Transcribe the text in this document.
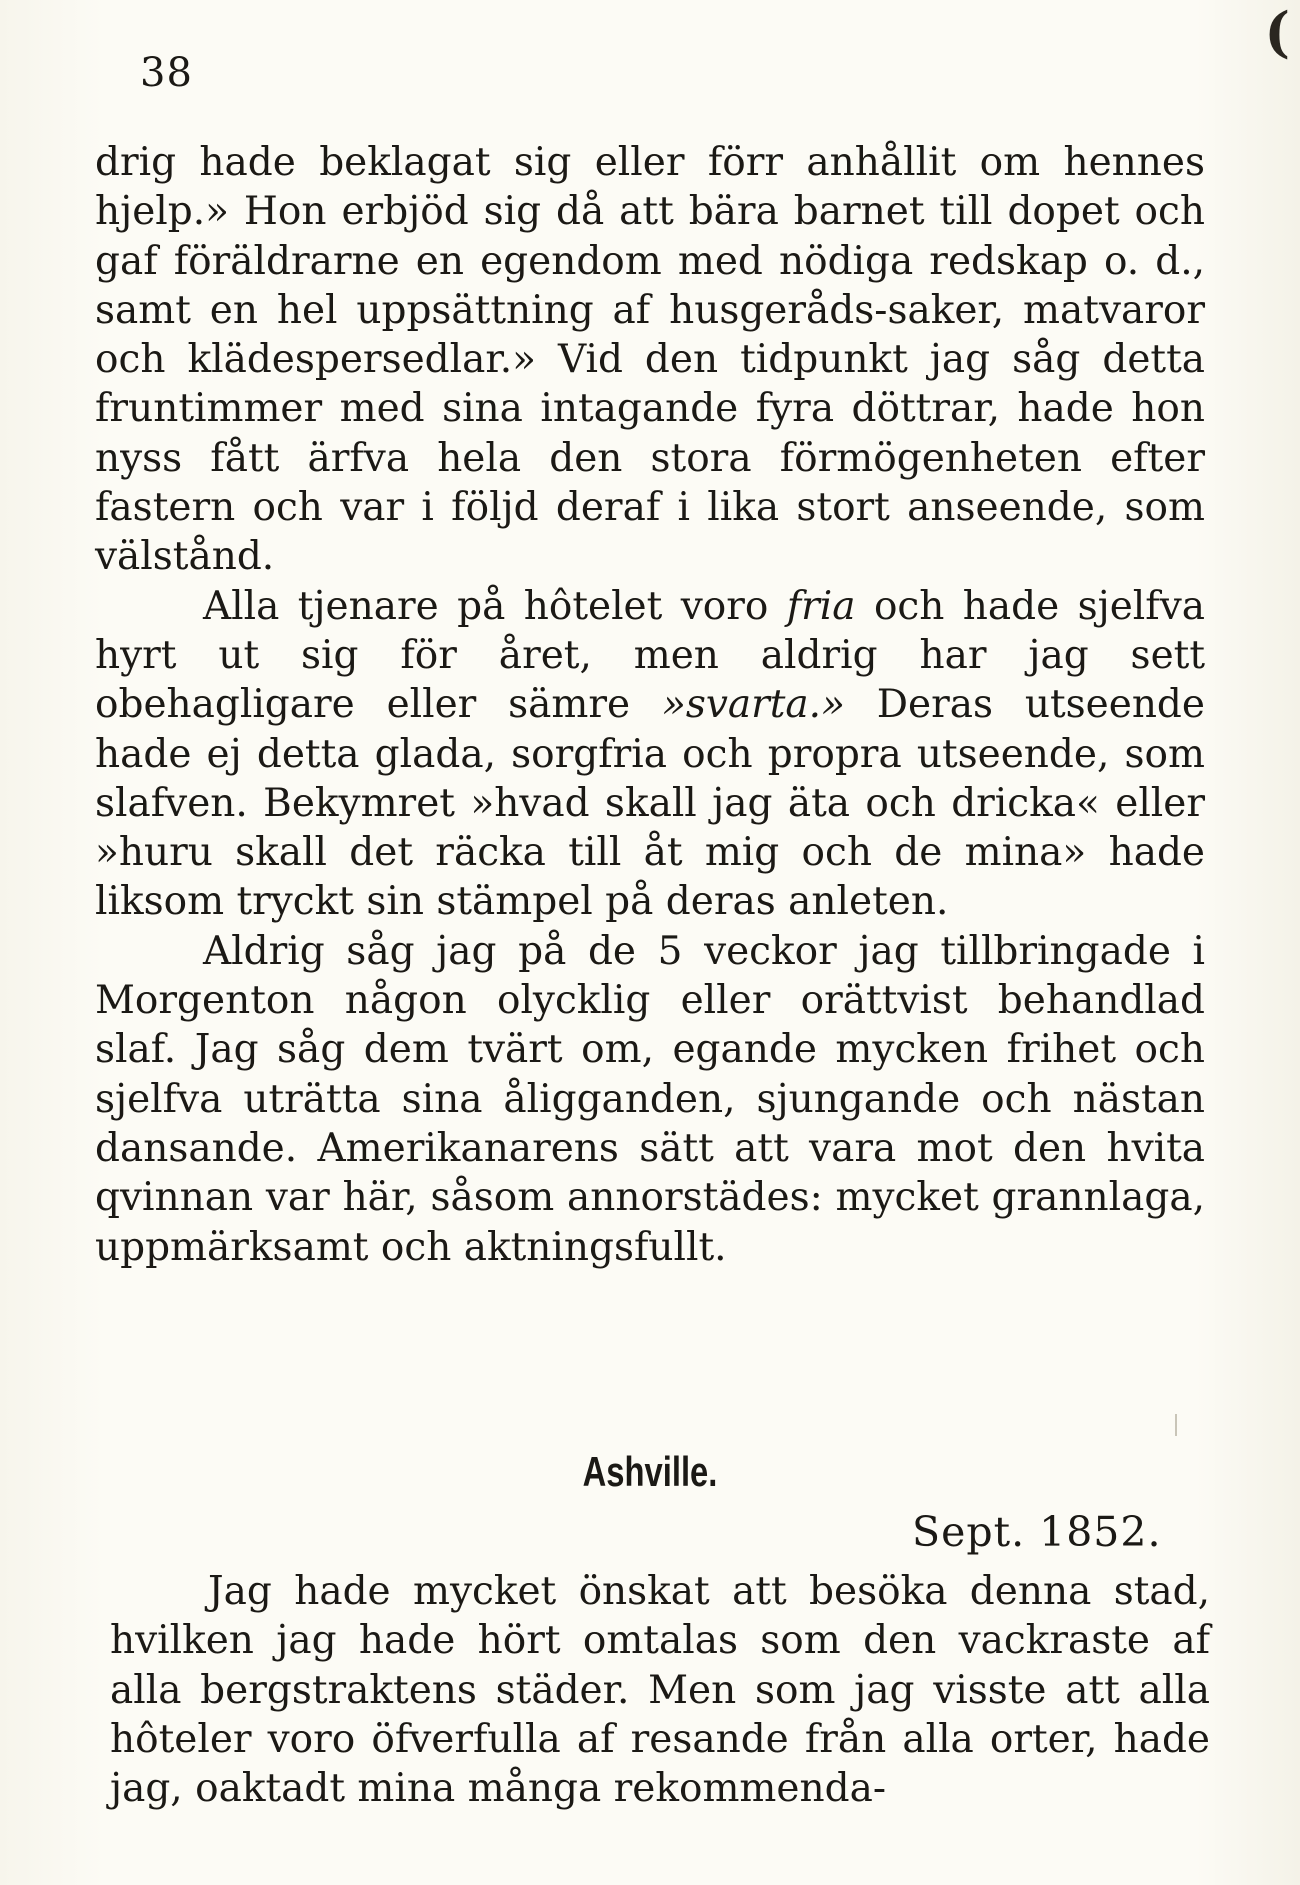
38
(

drig hade beklagat sig eller förr anhållit om hennes hjelp.» Hon erbjöd sig då att bära barnet till dopet och gaf föräldrarne en egendom med nödiga redskap o. d., samt en hel uppsättning af husgeråds-saker, matvaror och klädespersedlar.» Vid den tidpunkt jag såg detta fruntimmer med sina intagande fyra döttrar, hade hon nyss fått ärfva hela den stora förmögenheten efter fastern och var i följd deraf i lika stort anseende, som välstånd.

Alla tjenare på hôtelet voro fria och hade sjelfva hyrt ut sig för året, men aldrig har jag sett obehagligare eller sämre »svarta.» Deras utseende hade ej detta glada, sorgfria och propra utseende, som slafven. Bekymret »hvad skall jag äta och dricka« eller »huru skall det räcka till åt mig och de mina» hade liksom tryckt sin stämpel på deras anleten.

Aldrig såg jag på de 5 veckor jag tillbringade i Morgenton någon olycklig eller orättvist behandlad slaf. Jag såg dem tvärt om, egande mycken frihet och sjelfva uträtta sina åligganden, sjungande och nästan dansande. Amerikanarens sätt att vara mot den hvita qvinnan var här, såsom annorstädes: mycket grannlaga, uppmärksamt och aktningsfullt.

Ashville.
Sept. 1852.

Jag hade mycket önskat att besöka denna stad, hvilken jag hade hört omtalas som den vackraste af alla bergstraktens städer. Men som jag visste att alla hôteler voro öfverfulla af resande från alla orter, hade jag, oaktadt mina många rekommenda-
